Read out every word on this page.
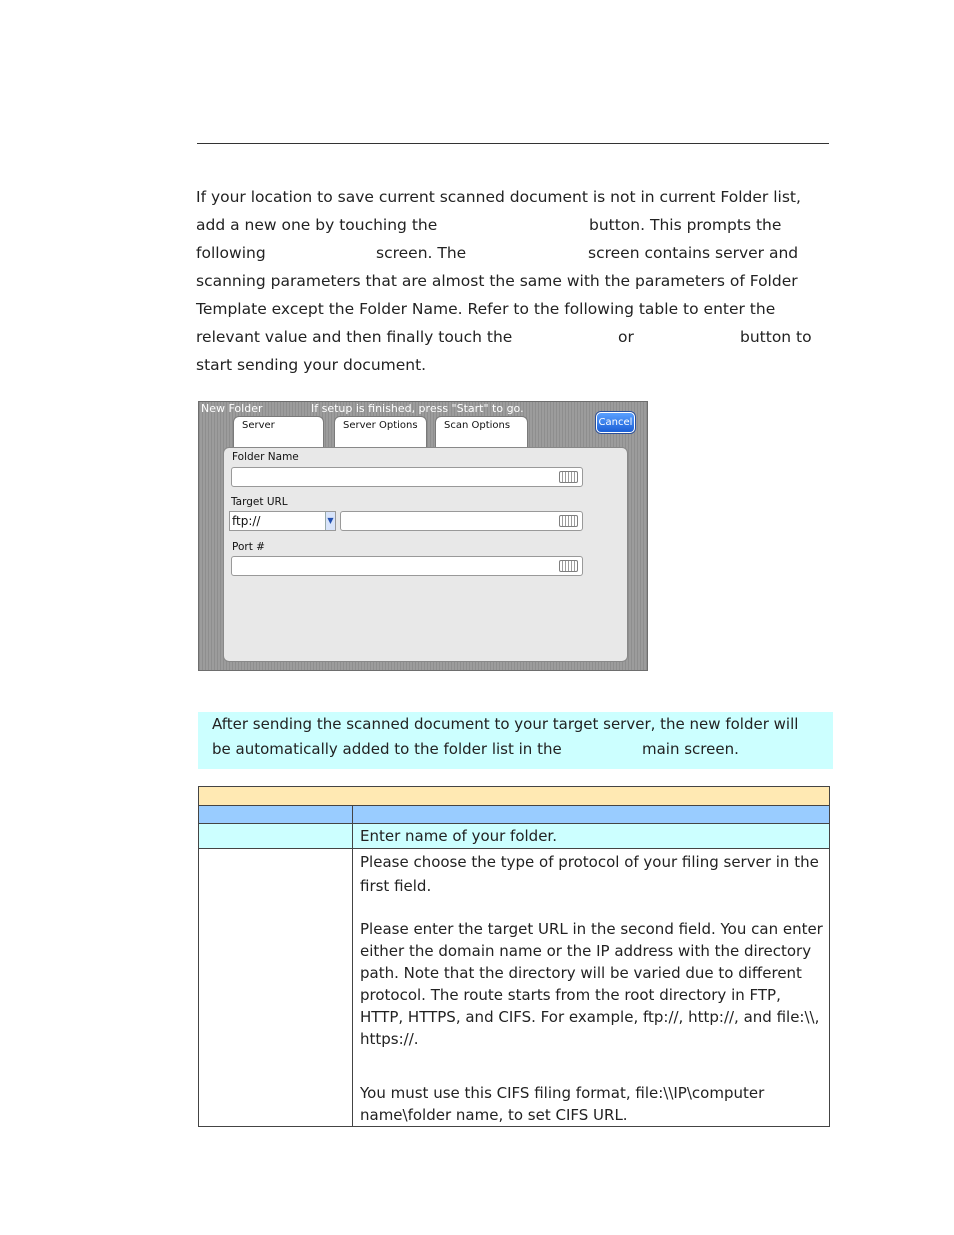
If your location to save current scanned document is not in current Folder list,
add a new one by touching the	button. This prompts the
following	screen. The	screen contains server and
scanning parameters that are almost the same with the parameters of Folder
Template except the Folder Name. Refer to the following table to enter the
relevant value and then finally touch the	or	button to
start sending your document.
New Folder	If setup is finished, press "Start" to go.
Cancel
Server	Server Options	Scan Options
Folder Name
Target URL
ftp://	▼
Port #
After sending the scanned document to your target server, the new folder will
be automatically added to the folder list in the	main screen.

	Enter name of your folder.

	Please choose the type of protocol of your filing server in the first field.

Please enter the target URL in the second field. You can enter either the domain name or the IP address with the directory path. Note that the directory will be varied due to different protocol. The route starts from the root directory in FTP, HTTP, HTTPS, and CIFS. For example, ftp://, http://, and file:\\, https://.

You must use this CIFS filing format, file:\\IP\computer name\folder name, to set CIFS URL.
